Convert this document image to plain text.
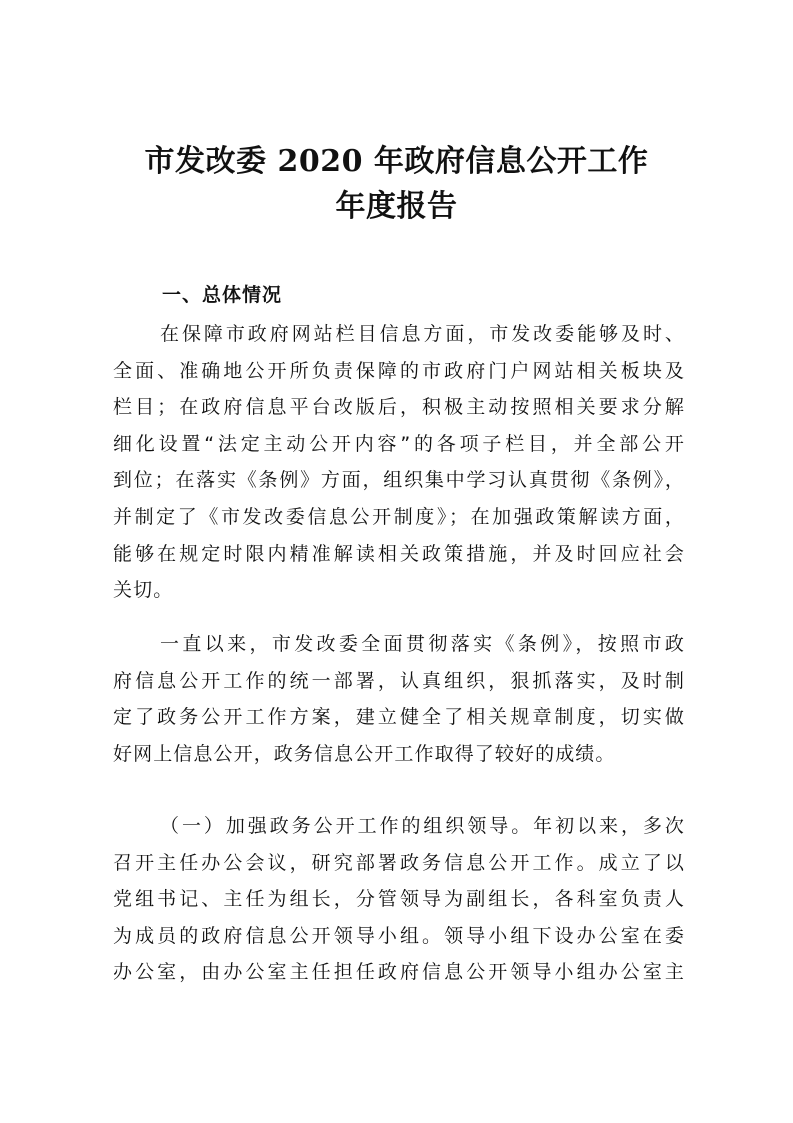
市发改委 2020 年政府信息公开工作
年度报告
一、总体情况
在保障市政府网站栏目信息方面，市发改委能够及时、
全面、准确地公开所负责保障的市政府门户网站相关板块及
栏目；在政府信息平台改版后，积极主动按照相关要求分解
细化设置“法定主动公开内容”的各项子栏目，并全部公开
到位；在落实《条例》方面，组织集中学习认真贯彻《条例》，
并制定了《市发改委信息公开制度》；在加强政策解读方面，
能够在规定时限内精准解读相关政策措施，并及时回应社会
关切。
一直以来，市发改委全面贯彻落实《条例》，按照市政
府信息公开工作的统一部署，认真组织，狠抓落实，及时制
定了政务公开工作方案，建立健全了相关规章制度，切实做
好网上信息公开，政务信息公开工作取得了较好的成绩。
（一）加强政务公开工作的组织领导。年初以来，多次
召开主任办公会议，研究部署政务信息公开工作。成立了以
党组书记、主任为组长，分管领导为副组长，各科室负责人
为成员的政府信息公开领导小组。领导小组下设办公室在委
办公室，由办公室主任担任政府信息公开领导小组办公室主
